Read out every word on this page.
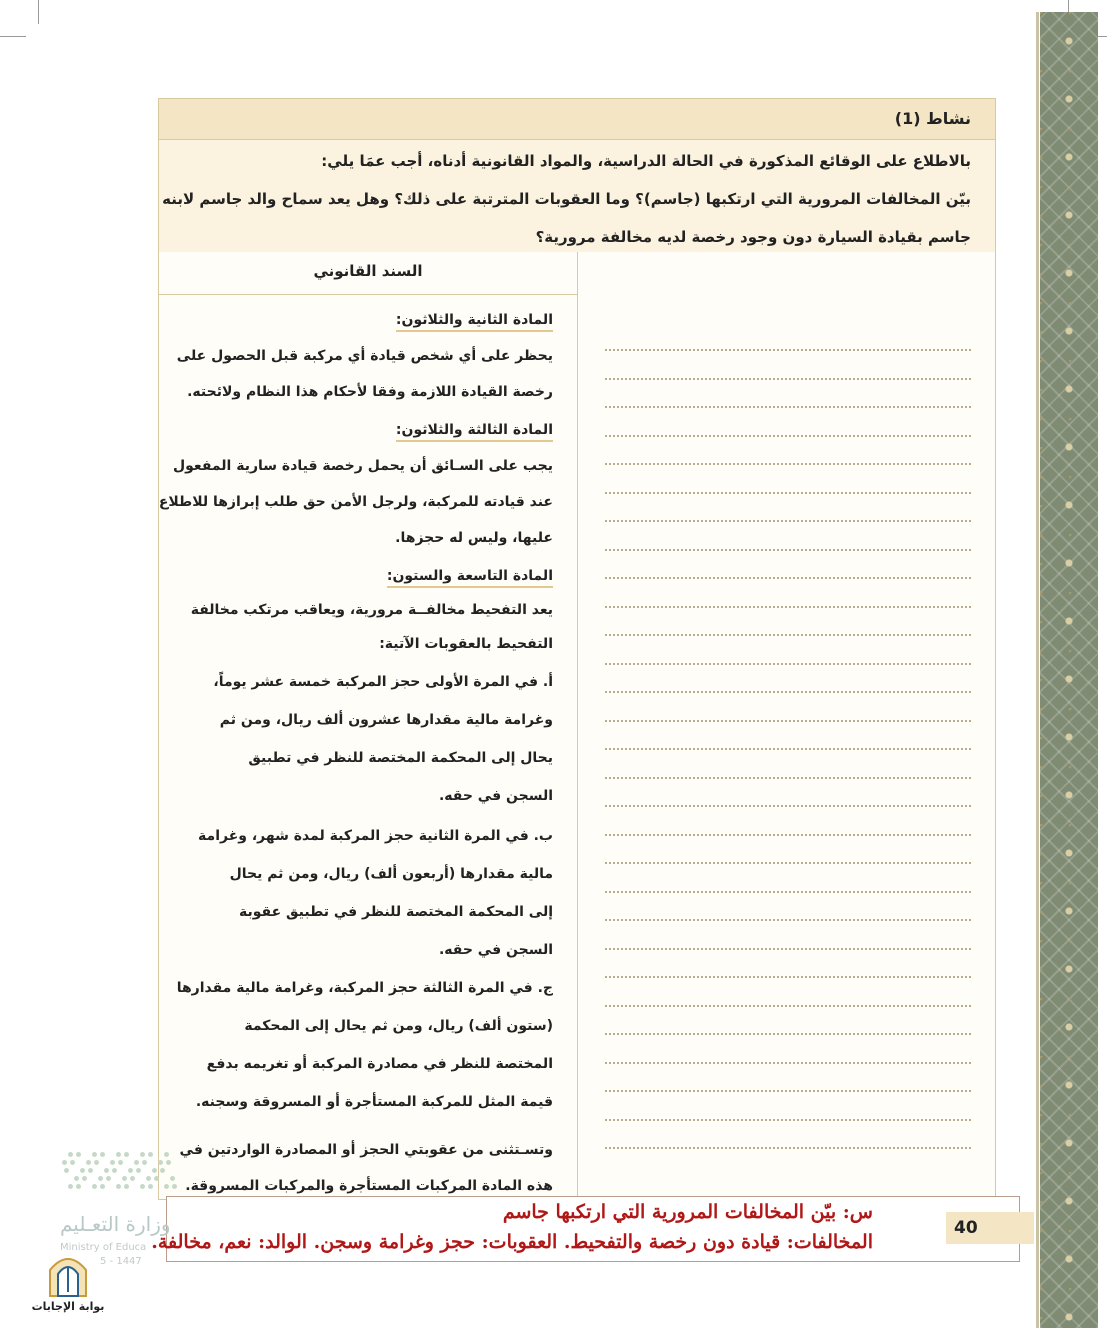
نشاط (1)
بالاطلاع على الوقائع المذكورة في الحالة الدراسية، والمواد القانونية أدناه، أجب عمَا يلي:
بيّن المخالفات المرورية التي ارتكبها (جاسم)؟ وما العقوبات المترتبة على ذلك؟ وهل يعد سماح والد جاسم لابنه
جاسم بقيادة السيارة دون وجود رخصة لديه مخالفة مرورية؟
السند القانوني
المادة الثانية والثلاثون:
يحظر على أي شخص قيادة أي مركبة قبل الحصول على
رخصة القيادة اللازمة وفقا لأحكام هذا النظام ولائحته.
المادة الثالثة والثلاثون:
يجب على السـائق أن يحمل رخصة قيادة سارية المفعول
عند قيادته للمركبة، ولرجل الأمن حق طلب إبرازها للاطلاع
عليها، وليس له حجزها.
المادة التاسعة والستون:
يعد التفحيط مخالفــة مرورية، ويعاقب مرتكب مخالفة
التفحيط بالعقوبات الآتية:
أ. في المرة الأولى حجز المركبة خمسة عشر يوماً،
وغرامة مالية مقدارها عشرون ألف ريال، ومن ثم
يحال إلى المحكمة المختصة للنظر في تطبيق
السجن في حقه.
ب. في المرة الثانية حجز المركبة لمدة شهر، وغرامة
مالية مقدارها (أربعون ألف) ريال، ومن ثم يحال
إلى المحكمة المختصة للنظر في تطبيق عقوبة
السجن في حقه.
ج. في المرة الثالثة حجز المركبة، وغرامة مالية مقدارها
(ستون ألف) ريال، ومن ثم يحال إلى المحكمة
المختصة للنظر في مصادرة المركبة أو تغريمه بدفع
قيمة المثل للمركبة المستأجرة أو المسروقة وسجنه.
وتسـتثنى من عقوبتي الحجز أو المصادرة الواردتين في
هذه المادة المركبات المستأجرة والمركبات المسروقة.
س: بيّن المخالفات المرورية التي ارتكبها جاسم
المخالفات: قيادة دون رخصة والتفحيط. العقوبات: حجز وغرامة وسجن. الوالد: نعم، مخالفة.
40
وزارة التعـليم
Ministry of Educa
5 - 1447
بوابة الإجابات
